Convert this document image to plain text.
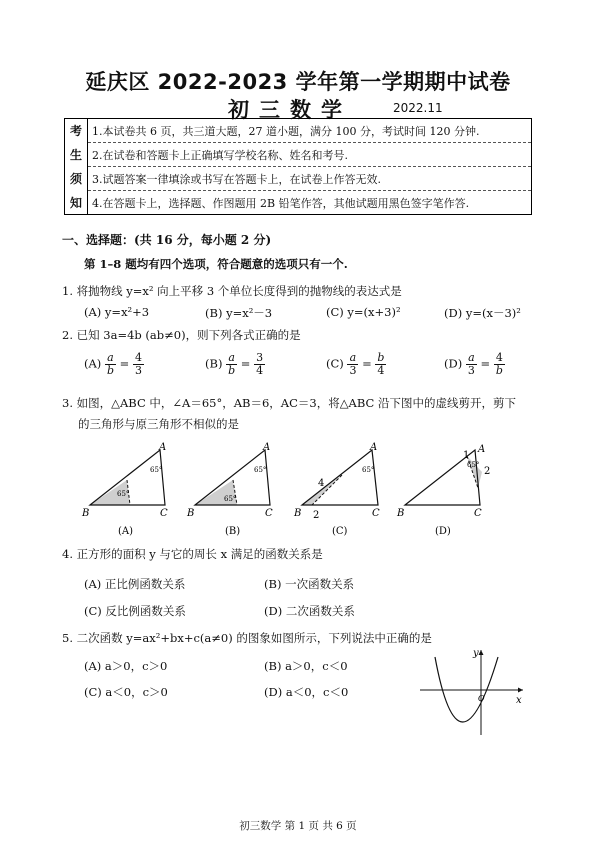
延庆区 2022-2023 学年第一学期期中试卷
初三数学	2022.11
考	1.本试卷共 6 页，共三道大题，27 道小题，满分 100 分，考试时间 120 分钟.
生	2.在试卷和答题卡上正确填写学校名称、姓名和考号.
须	3.试题答案一律填涂或书写在答题卡上，在试卷上作答无效.
知	4.在答题卡上，选择题、作图题用 2B 铅笔作答，其他试题用黑色签字笔作答.
一、选择题：(共 16 分，每小题 2 分)
第 1–8 题均有四个选项，符合题意的选项只有一个.
1. 将抛物线 y=x² 向上平移 3 个单位长度得到的抛物线的表达式是
(A) y=x²+3	(B) y=x²－3	(C) y=(x+3)²	(D) y=(x－3)²
2. 已知 3a=4b (ab≠0)，则下列各式正确的是
$(A) \frac{a}{b} = \frac{4}{3}$	$(B) \frac{a}{b} = \frac{3}{4}$	$(C) \frac{a}{3} = \frac{b}{4}$	$(D) \frac{a}{3} = \frac{4}{b}$
3. 如图，△ABC 中，∠A＝65°，AB＝6，AC＝3，将△ABC 沿下图中的虚线剪开，剪下
的三角形与原三角形不相似的是
B	C
A
65°
65°
(A)
B	C
A
65°
65°
(B)
B	C
A
65°
4
2
(C)
B	C
A
65°
1
2
(D)
4. 正方形的面积 y 与它的周长 x 满足的函数关系是
(A) 正比例函数关系	(B) 一次函数关系
(C) 反比例函数关系	(D) 二次函数关系
5. 二次函数 y=ax²+bx+c(a≠0) 的图象如图所示，下列说法中正确的是
(A) a＞0，c＞0	(B) a＞0，c＜0
(C) a＜0，c＞0	(D) a＜0，c＜0
x
y
O
初三数学 第 1 页 共 6 页
